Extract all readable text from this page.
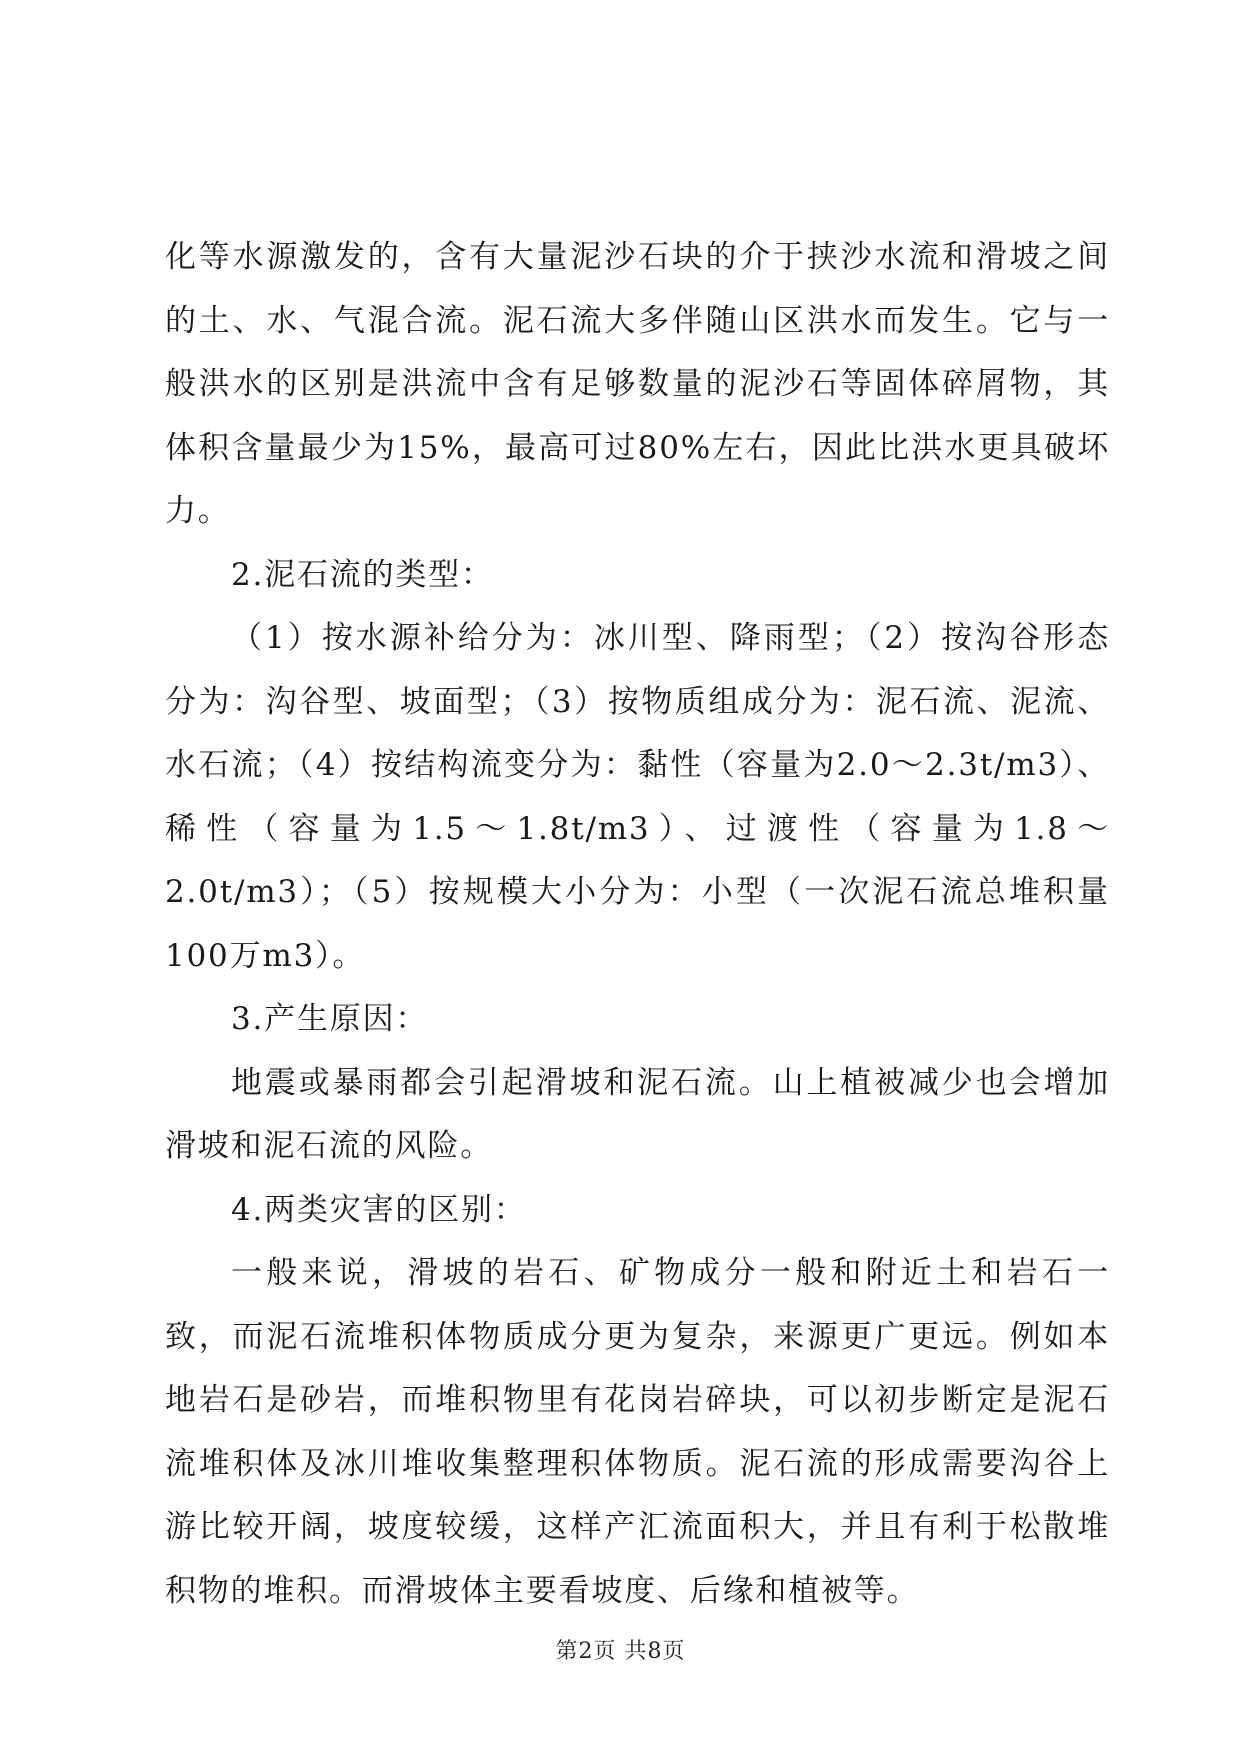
化等水源激发的，含有大量泥沙石块的介于挟沙水流和滑坡之间的土、水、气混合流。泥石流大多伴随山区洪水而发生。它与一般洪水的区别是洪流中含有足够数量的泥沙石等固体碎屑物，其体积含量最少为15%，最高可过80%左右，因此比洪水更具破坏力。

2.泥石流的类型：

（1）按水源补给分为：冰川型、降雨型；（2）按沟谷形态分为：沟谷型、坡面型；（3）按物质组成分为：泥石流、泥流、水石流；（4）按结构流变分为：黏性（容量为2.0～2.3t/m3）、稀性（容量为1.5～1.8t/m3）、过渡性（容量为1.8～2.0t/m3）；（5）按规模大小分为：小型（一次泥石流总堆积量100万m3）。

3.产生原因：

地震或暴雨都会引起滑坡和泥石流。山上植被减少也会增加滑坡和泥石流的风险。

4.两类灾害的区别：

一般来说，滑坡的岩石、矿物成分一般和附近土和岩石一致，而泥石流堆积体物质成分更为复杂，来源更广更远。例如本地岩石是砂岩，而堆积物里有花岗岩碎块，可以初步断定是泥石流堆积体及冰川堆收集整理积体物质。泥石流的形成需要沟谷上游比较开阔，坡度较缓，这样产汇流面积大，并且有利于松散堆积物的堆积。而滑坡体主要看坡度、后缘和植被等。

第2页 共8页
